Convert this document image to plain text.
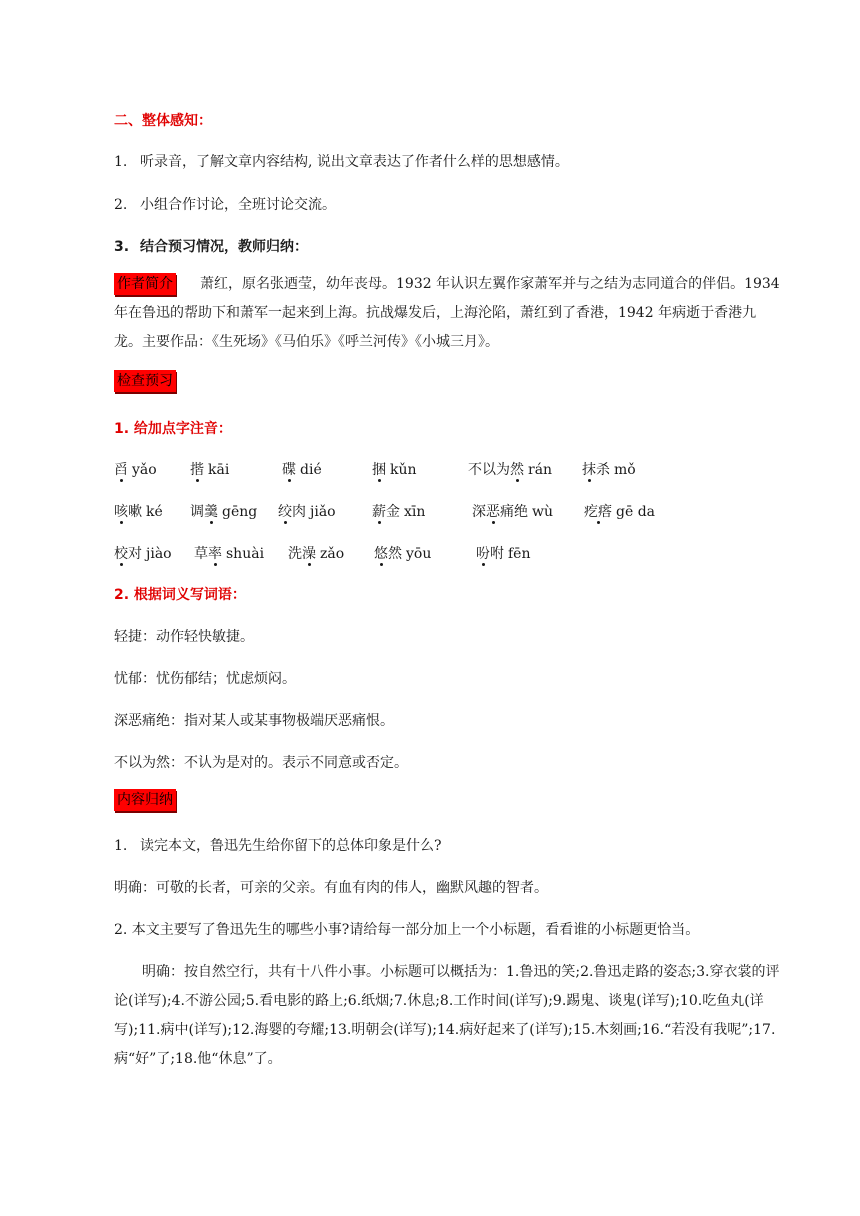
二、整体感知：
1. 听录音，了解文章内容结构, 说出文章表达了作者什么样的思想感情。
2. 小组合作讨论，全班讨论交流。
3. 结合预习情况，教师归纳：
作者简介 萧红，原名张迺莹，幼年丧母。1932 年认识左翼作家萧军并与之结为志同道合的伴侣。1934 年在鲁迅的帮助下和萧军一起来到上海。抗战爆发后，上海沦陷，萧红到了香港，1942 年病逝于香港九龙。主要作品：《生死场》《马伯乐》《呼兰河传》《小城三月》。
检查预习
1. 给加点字注音：
舀 yǎo 揩 kāi	碟 dié	捆 kǔn	不以为然 rán 抹杀 mǒ
咳嗽 ké 调羹 gēng 绞肉 jiǎo	薪金 xīn	深恶痛绝 wù 疙瘩 gē da
校对 jiào 草率 shuài 洗澡 zǎo 悠然 yōu	吩咐 fēn
2. 根据词义写词语：
轻捷：动作轻快敏捷。
忧郁：忧伤郁结；忧虑烦闷。
深恶痛绝：指对某人或某事物极端厌恶痛恨。
不以为然：不认为是对的。表示不同意或否定。
内容归纳
1. 读完本文，鲁迅先生给你留下的总体印象是什么?
明确：可敬的长者，可亲的父亲。有血有肉的伟人，幽默风趣的智者。
2. 本文主要写了鲁迅先生的哪些小事?请给每一部分加上一个小标题，看看谁的小标题更恰当。
明确：按自然空行，共有十八件小事。小标题可以概括为：1.鲁迅的笑;2.鲁迅走路的姿态;3.穿衣裳的评论(详写);4.不游公园;5.看电影的路上;6.纸烟;7.休息;8.工作时间(详写);9.踢鬼、谈鬼(详写);10.吃鱼丸(详写);11.病中(详写);12.海婴的夸耀;13.明朝会(详写);14.病好起来了(详写);15.木刻画;16.“若没有我呢”;17.病“好”了;18.他“休息”了。
